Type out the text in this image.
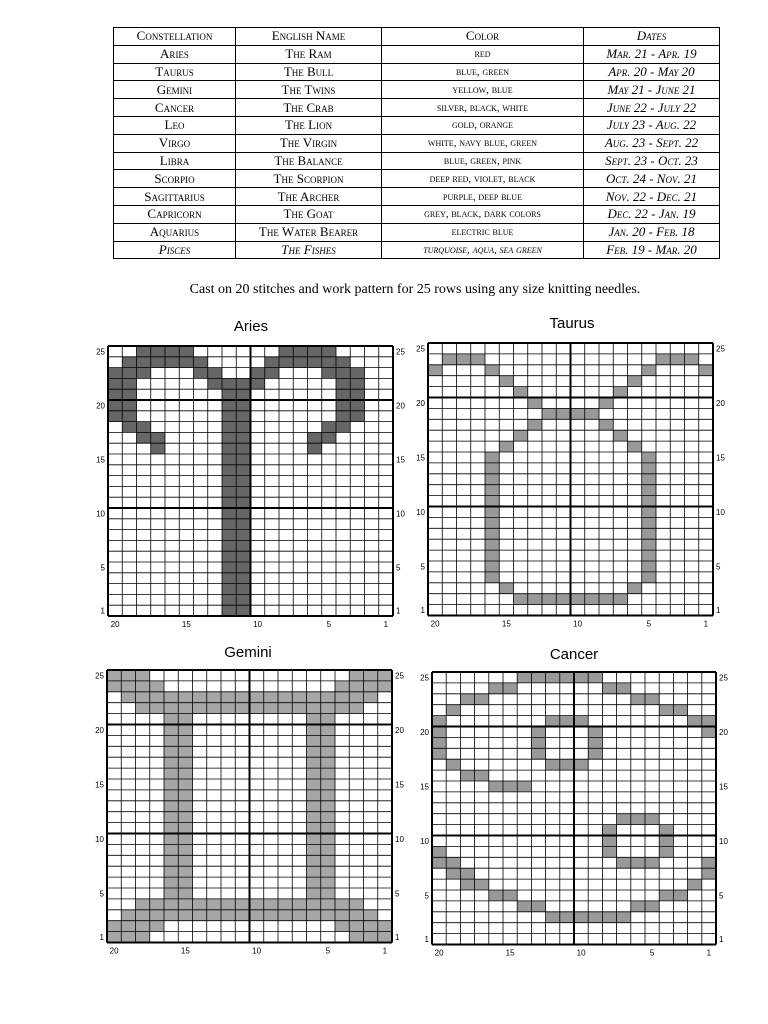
Constellation	English Name	Color	Dates
Aries	The Ram	red	Mar. 21 - Apr. 19
Taurus	The Bull	blue, green	Apr. 20 - May 20
Gemini	The Twins	yellow, blue	May 21 - June 21
Cancer	The Crab	silver, black, white	June 22 - July 22
Leo	The Lion	gold, orange	July 23 - Aug. 22
Virgo	The Virgin	white, navy blue, green	Aug. 23 - Sept. 22
Libra	The Balance	blue, green, pink	Sept. 23 - Oct. 23
Scorpio	The Scorpion	deep red, violet, black	Oct. 24 - Nov. 21
Sagittarius	The Archer	purple, deep blue	Nov. 22 - Dec. 21
Capricorn	The Goat	grey, black, dark colors	Dec. 22 - Jan. 19
Aquarius	The Water Bearer	electric blue	Jan. 20 - Feb. 18
Pisces	The Fishes	turquoise, aqua, sea green	Feb. 19 - Mar. 20
Cast on 20 stitches and work pattern for 25 rows using any size knitting needles.
Aries	Taurus
Gemini	Cancer
25	25
20	20
15	15
10	10
5	5
1	1
20	15	10	5	1
25	25
20	20
15	15
10	10
5	5
1	1
20	15	10	5	1
25	25
20	20
15	15
10	10
5	5
1	1
20	15	10	5	1
25	25
20	20
15	15
10	10
5	5
1	1
20	15	10	5	1
